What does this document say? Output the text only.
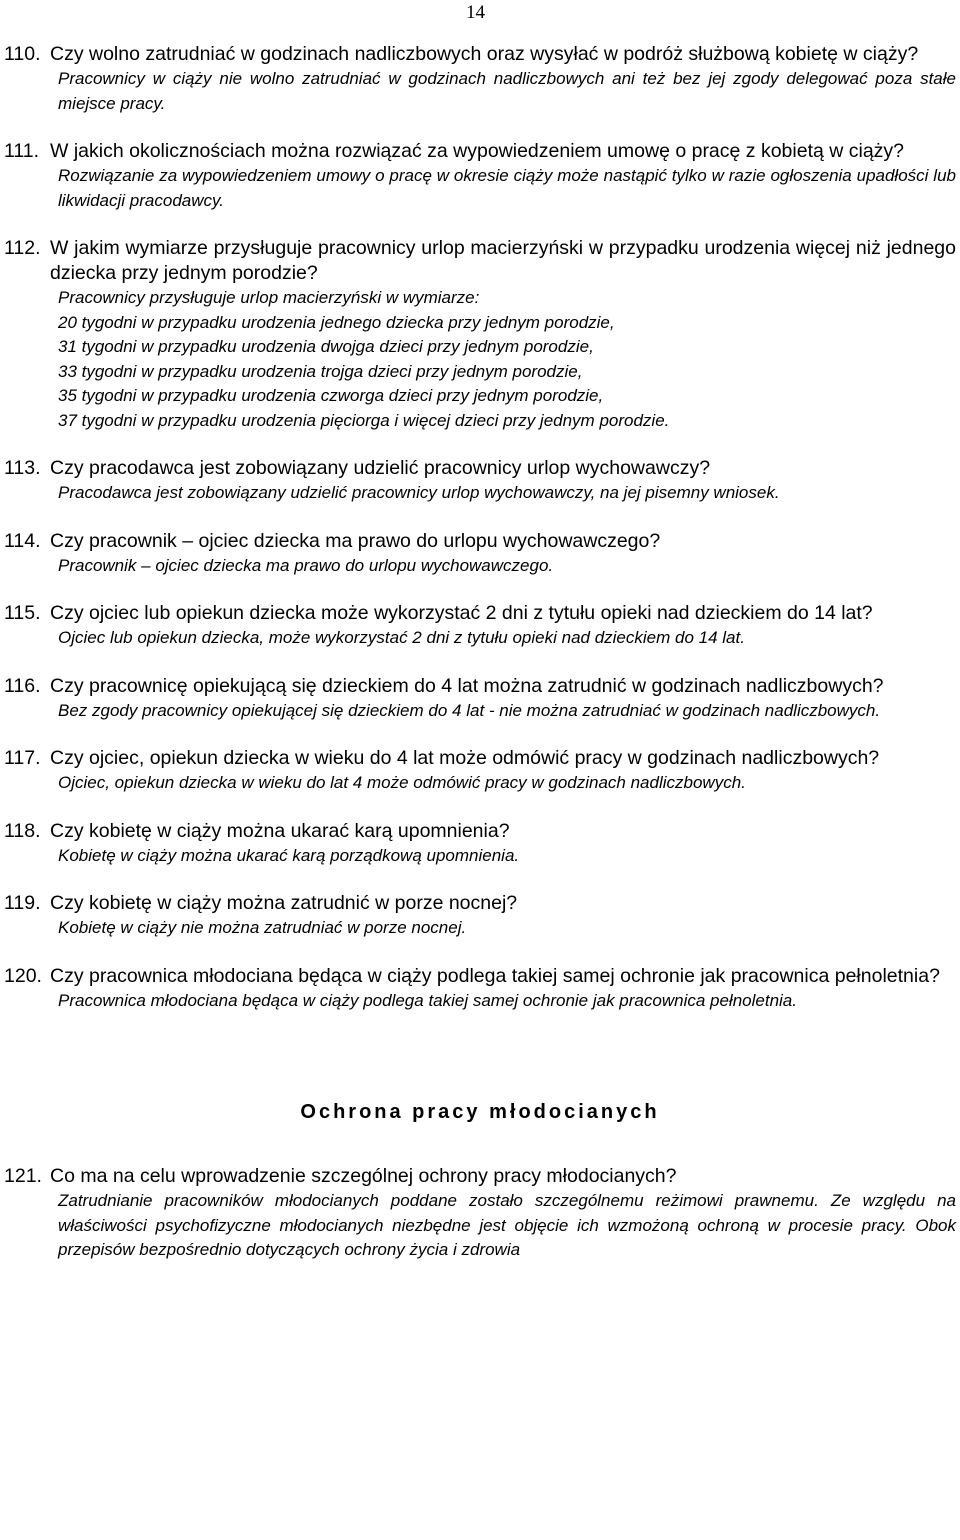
14
110. Czy wolno zatrudniać w godzinach nadliczbowych oraz wysyłać w podróż służbową kobietę w ciąży?
Pracownicy w ciąży nie wolno zatrudniać w godzinach nadliczbowych ani też bez jej zgody delegować poza stałe miejsce pracy.
111. W jakich okolicznościach można rozwiązać za wypowiedzeniem umowę o pracę z kobietą w ciąży?
Rozwiązanie za wypowiedzeniem umowy o pracę w okresie ciąży może nastąpić tylko w razie ogłoszenia upadłości lub likwidacji pracodawcy.
112. W jakim wymiarze przysługuje pracownicy urlop macierzyński w przypadku urodzenia więcej niż jednego dziecka przy jednym porodzie?
Pracownicy przysługuje urlop macierzyński w wymiarze:
20 tygodni w przypadku urodzenia jednego dziecka przy jednym porodzie,
31 tygodni w przypadku urodzenia dwojga dzieci przy jednym porodzie,
33 tygodni w przypadku urodzenia trojga dzieci przy jednym porodzie,
35 tygodni w przypadku urodzenia czworga dzieci przy jednym porodzie,
37 tygodni w przypadku urodzenia pięciorga i więcej dzieci przy jednym porodzie.
113. Czy pracodawca jest zobowiązany udzielić pracownicy urlop wychowawczy?
Pracodawca jest zobowiązany udzielić pracownicy urlop wychowawczy, na jej pisemny wniosek.
114. Czy pracownik – ojciec dziecka ma prawo do urlopu wychowawczego?
Pracownik – ojciec dziecka ma prawo do urlopu wychowawczego.
115. Czy ojciec lub opiekun dziecka może wykorzystać 2 dni z tytułu opieki nad dzieckiem do 14 lat?
Ojciec lub opiekun dziecka, może wykorzystać 2 dni z tytułu opieki nad dzieckiem do 14 lat.
116. Czy pracownicę opiekującą się dzieckiem do 4 lat można zatrudnić w godzinach nadliczbowych?
Bez zgody pracownicy opiekującej się dzieckiem do 4 lat - nie można zatrudniać w godzinach nadliczbowych.
117. Czy ojciec, opiekun dziecka w wieku do 4 lat może odmówić pracy w godzinach nadliczbowych?
Ojciec, opiekun dziecka w wieku do lat 4 może odmówić pracy w godzinach nadliczbowych.
118. Czy kobietę w ciąży można ukarać karą upomnienia?
Kobietę w ciąży można ukarać karą porządkową upomnienia.
119. Czy kobietę w ciąży można zatrudnić w porze nocnej?
Kobietę w ciąży nie można zatrudniać w porze nocnej.
120. Czy pracownica młodociana będąca w ciąży podlega takiej samej ochronie jak pracownica pełnoletnia?
Pracownica młodociana będąca w ciąży podlega takiej samej ochronie jak pracownica pełnoletnia.
Ochrona pracy młodocianych
121. Co ma na celu wprowadzenie szczególnej ochrony pracy młodocianych?
Zatrudnianie pracowników młodocianych poddane zostało szczególnemu reżimowi prawnemu. Ze względu na właściwości psychofizyczne młodocianych niezbędne jest objęcie ich wzmożoną ochroną w procesie pracy. Obok przepisów bezpośrednio dotyczących ochrony życia i zdrowia
